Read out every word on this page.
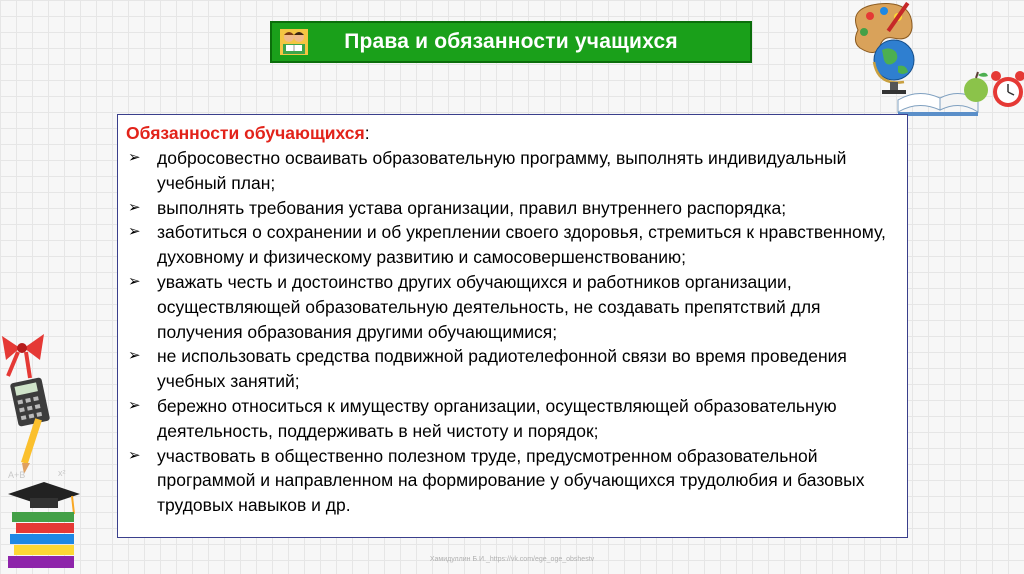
Права и обязанности учащихся
x²
A+B

Обязанности обучающихся:

➢ добросовестно осваивать образовательную программу, выполнять индивидуальный учебный план;
➢ выполнять требования устава организации, правил внутреннего распорядка;
➢ заботиться о сохранении и об укреплении своего здоровья, стремиться к нравственному, духовному и физическому развитию и самосовершенствованию;
➢ уважать честь и достоинство других обучающихся и работников организации, осуществляющей образовательную деятельность, не создавать препятствий для получения образования другими обучающимися;
➢ не использовать средства подвижной радиотелефонной связи во время проведения учебных занятий;
➢ бережно относиться к имуществу организации, осуществляющей образовательную деятельность, поддерживать в ней чистоту и порядок;
➢ участвовать в общественно полезном труде, предусмотренном образовательной программой и направленном на формирование у обучающихся трудолюбия и базовых трудовых навыков и др.
Хамидуллин Б.И._https://vk.com/ege_oge_obshestv
